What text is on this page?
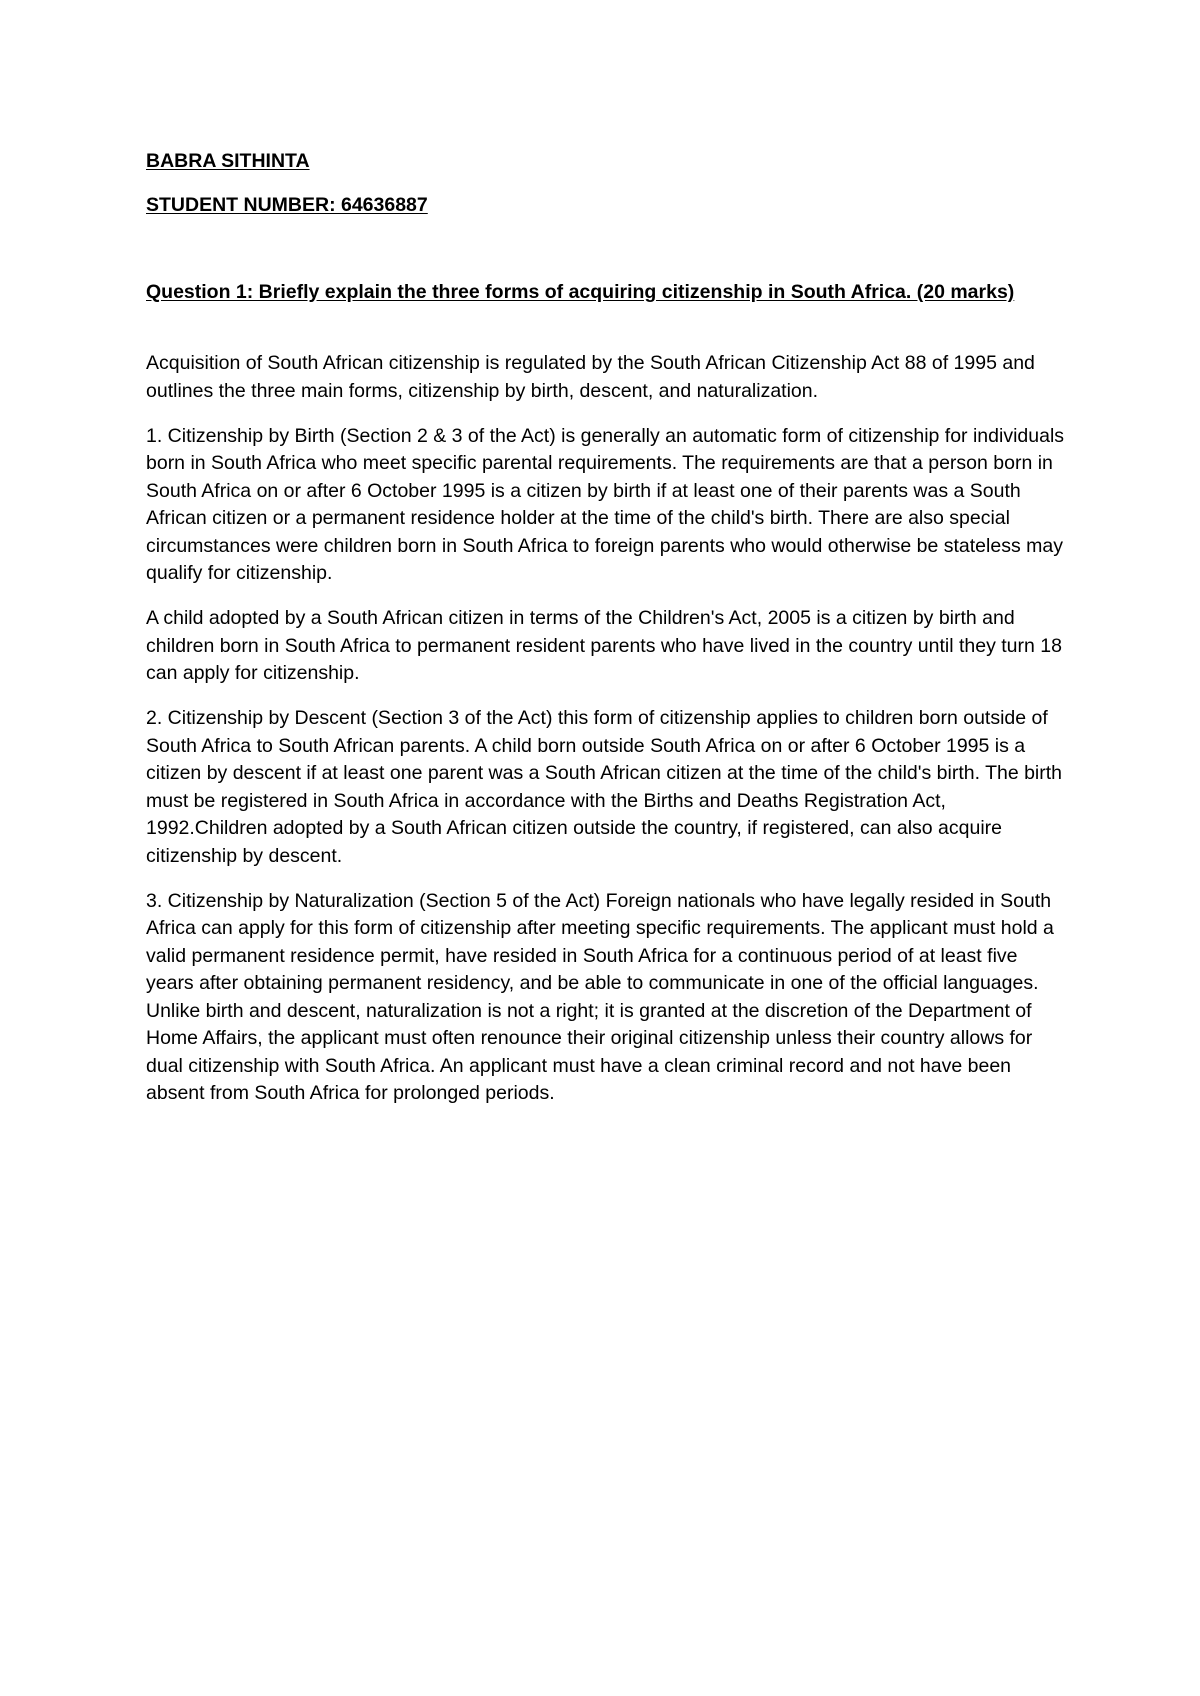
BABRA SITHINTA

STUDENT NUMBER: 64636887

Question 1: Briefly explain the three forms of acquiring citizenship in South Africa. (20 marks)

Acquisition of South African citizenship is regulated by the South African Citizenship Act 88 of 1995 and outlines the three main forms, citizenship by birth, descent, and naturalization.

1. Citizenship by Birth (Section 2 & 3 of the Act) is generally an automatic form of citizenship for individuals born in South Africa who meet specific parental requirements. The requirements are that a person born in South Africa on or after 6 October 1995 is a citizen by birth if at least one of their parents was a South African citizen or a permanent residence holder at the time of the child's birth. There are also special circumstances were children born in South Africa to foreign parents who would otherwise be stateless may qualify for citizenship.

A child adopted by a South African citizen in terms of the Children's Act, 2005 is a citizen by birth and children born in South Africa to permanent resident parents who have lived in the country until they turn 18 can apply for citizenship.

2. Citizenship by Descent (Section 3 of the Act) this form of citizenship applies to children born outside of South Africa to South African parents. A child born outside South Africa on or after 6 October 1995 is a citizen by descent if at least one parent was a South African citizen at the time of the child's birth. The birth must be registered in South Africa in accordance with the Births and Deaths Registration Act, 1992.Children adopted by a South African citizen outside the country, if registered, can also acquire citizenship by descent.

3. Citizenship by Naturalization (Section 5 of the Act) Foreign nationals who have legally resided in South Africa can apply for this form of citizenship after meeting specific requirements. The applicant must hold a valid permanent residence permit, have resided in South Africa for a continuous period of at least five years after obtaining permanent residency, and be able to communicate in one of the official languages. Unlike birth and descent, naturalization is not a right; it is granted at the discretion of the Department of Home Affairs, the applicant must often renounce their original citizenship unless their country allows for dual citizenship with South Africa. An applicant must have a clean criminal record and not have been absent from South Africa for prolonged periods.
